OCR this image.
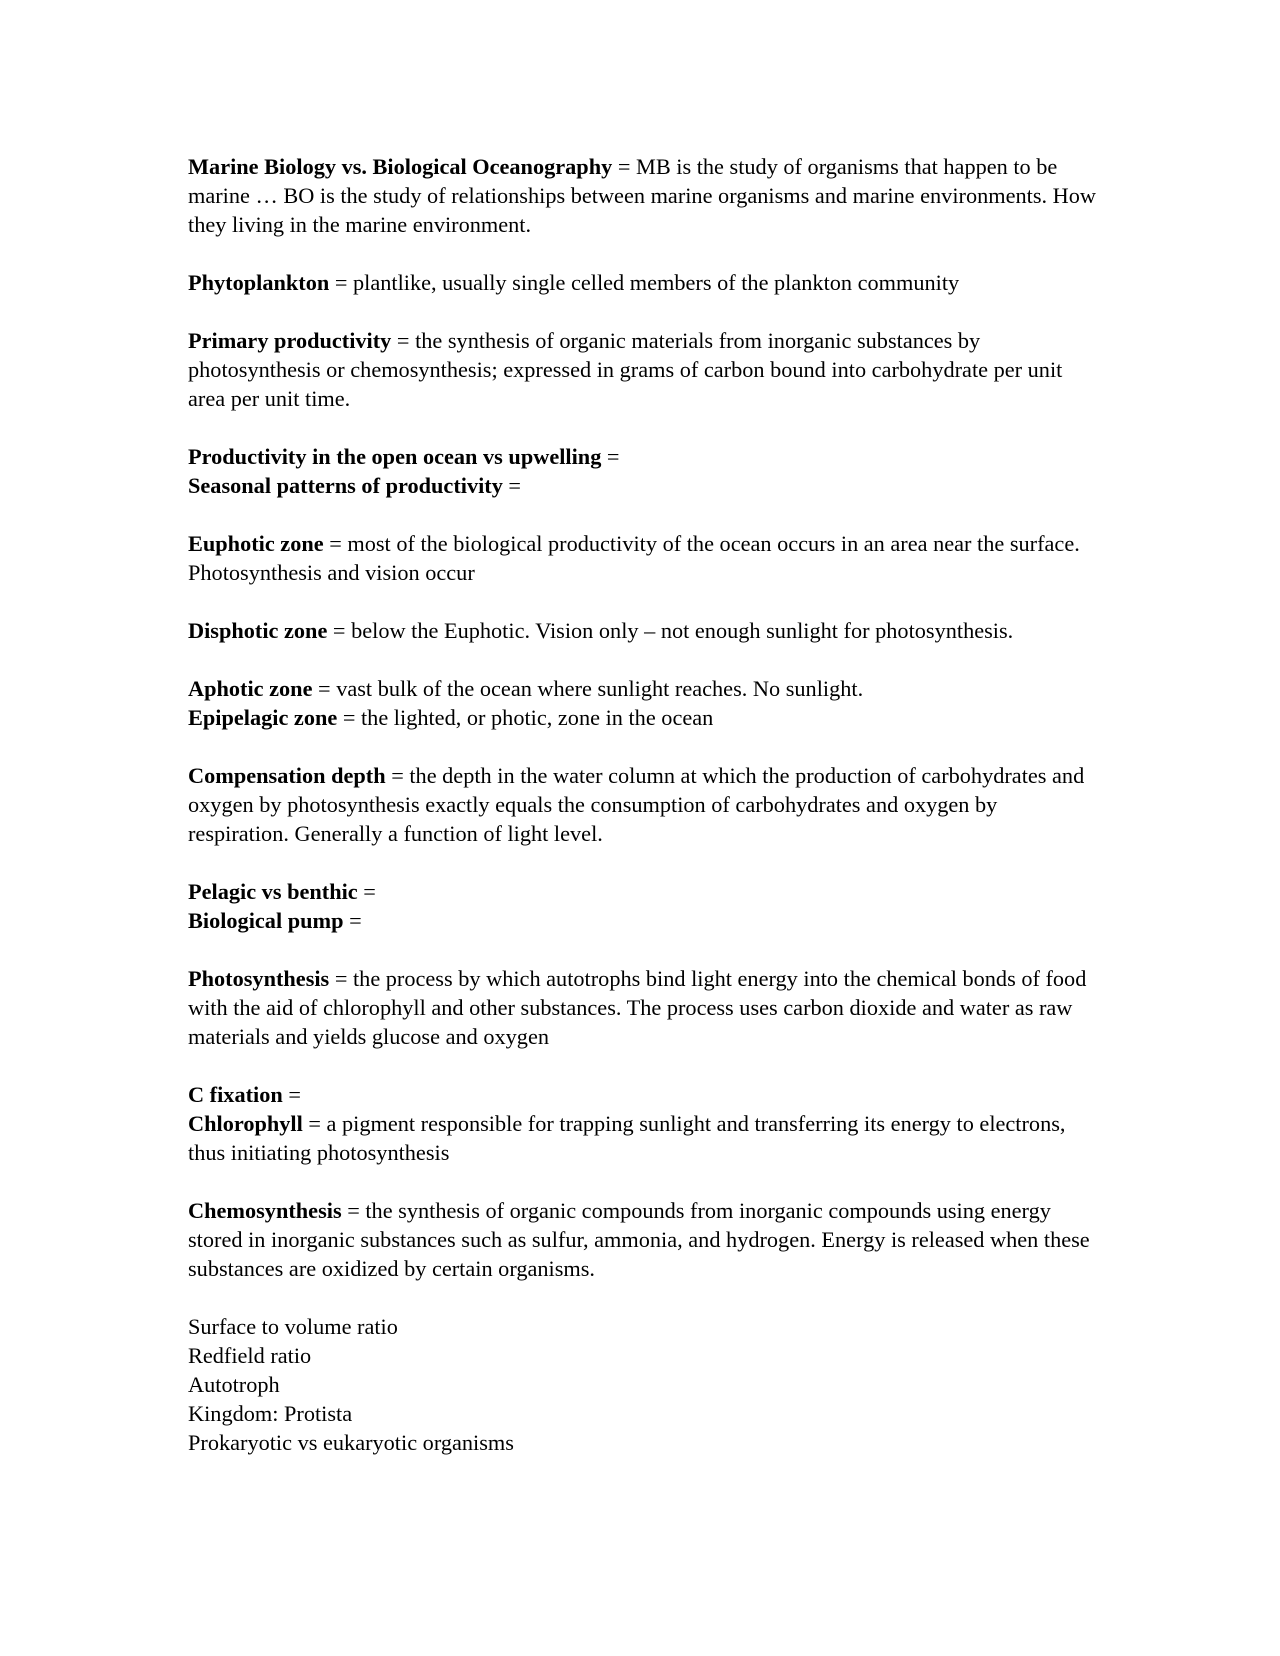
Marine Biology vs. Biological Oceanography = MB is the study of organisms that happen to be marine … BO is the study of relationships between marine organisms and marine environments. How they living in the marine environment.

Phytoplankton = plantlike, usually single celled members of the plankton community

Primary productivity = the synthesis of organic materials from inorganic substances by photosynthesis or chemosynthesis; expressed in grams of carbon bound into carbohydrate per unit area per unit time.

Productivity in the open ocean vs upwelling =

Seasonal patterns of productivity =

Euphotic zone = most of the biological productivity of the ocean occurs in an area near the surface. Photosynthesis and vision occur

Disphotic zone = below the Euphotic. Vision only – not enough sunlight for photosynthesis.

Aphotic zone = vast bulk of the ocean where sunlight reaches. No sunlight.

Epipelagic zone = the lighted, or photic, zone in the ocean

Compensation depth = the depth in the water column at which the production of carbohydrates and oxygen by photosynthesis exactly equals the consumption of carbohydrates and oxygen by respiration. Generally a function of light level.

Pelagic vs benthic =

Biological pump =

Photosynthesis = the process by which autotrophs bind light energy into the chemical bonds of food with the aid of chlorophyll and other substances. The process uses carbon dioxide and water as raw materials and yields glucose and oxygen

C fixation =

Chlorophyll = a pigment responsible for trapping sunlight and transferring its energy to electrons, thus initiating photosynthesis

Chemosynthesis = the synthesis of organic compounds from inorganic compounds using energy stored in inorganic substances such as sulfur, ammonia, and hydrogen. Energy is released when these substances are oxidized by certain organisms.

Surface to volume ratio
Redfield ratio
Autotroph
Kingdom: Protista
Prokaryotic vs eukaryotic organisms
